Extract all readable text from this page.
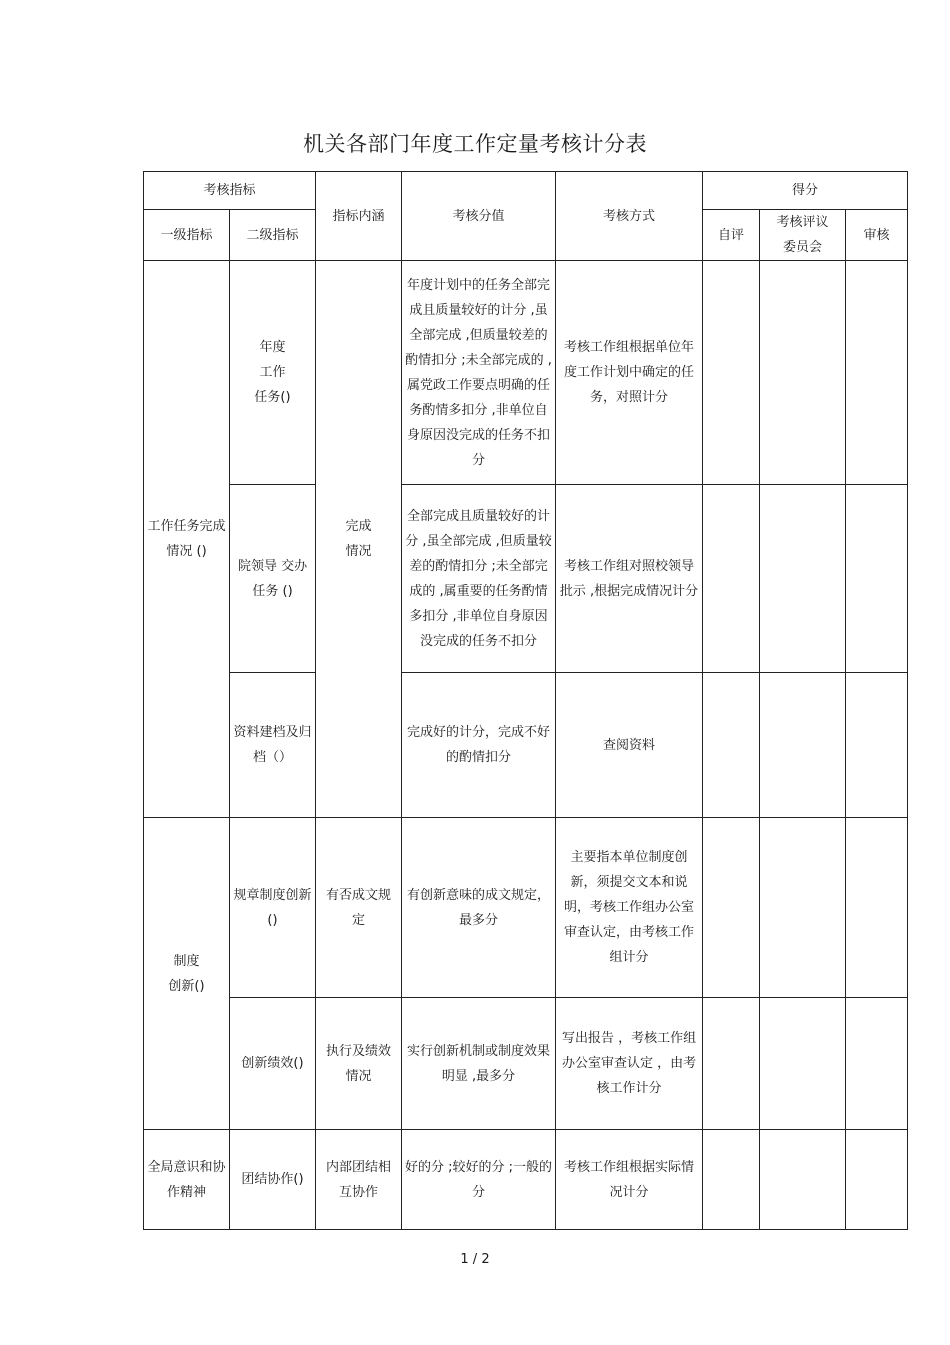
机关各部门年度工作定量考核计分表
考核指标		指标内涵	考核分值	考核方式	得分		
一级指标	二级指标				自评	考核评议委员会	审核
工作任务完成情况 ()	年度工作任务()	完成情况	年度计划中的任务全部完成且质量较好的计分 ,虽全部完成 ,但质量较差的酌情扣分 ;未全部完成的 ,属党政工作要点明确的任务酌情多扣分 ,非单位自身原因没完成的任务不扣分	考核工作组根据单位年度工作计划中确定的任务，对照计分			
	院领导 交办任务 ()		全部完成且质量较好的计分 ,虽全部完成 ,但质量较差的酌情扣分 ;未全部完成的 ,属重要的任务酌情多扣分 ,非单位自身原因没完成的任务不扣分	考核工作组对照校领导批示 ,根据完成情况计分			
	资料建档及归档（）		完成好的计分，完成不好的酌情扣分	查阅资料			
制度创新()	规章制度创新 ()	有否成文规定	有创新意味的成文规定，最多分	主要指本单位制度创新，须提交文本和说明，考核工作组办公室审查认定，由考核工作组计分			
	创新绩效()	执行及绩效情况	实行创新机制或制度效果明显 ,最多分	写出报告 ，考核工作组办公室审查认定 ，由考核工作计分			
全局意识和协作精神	团结协作()	内部团结相互协作	好的分 ;较好的分 ;一般的分	考核工作组根据实际情况计分			
1 / 2
